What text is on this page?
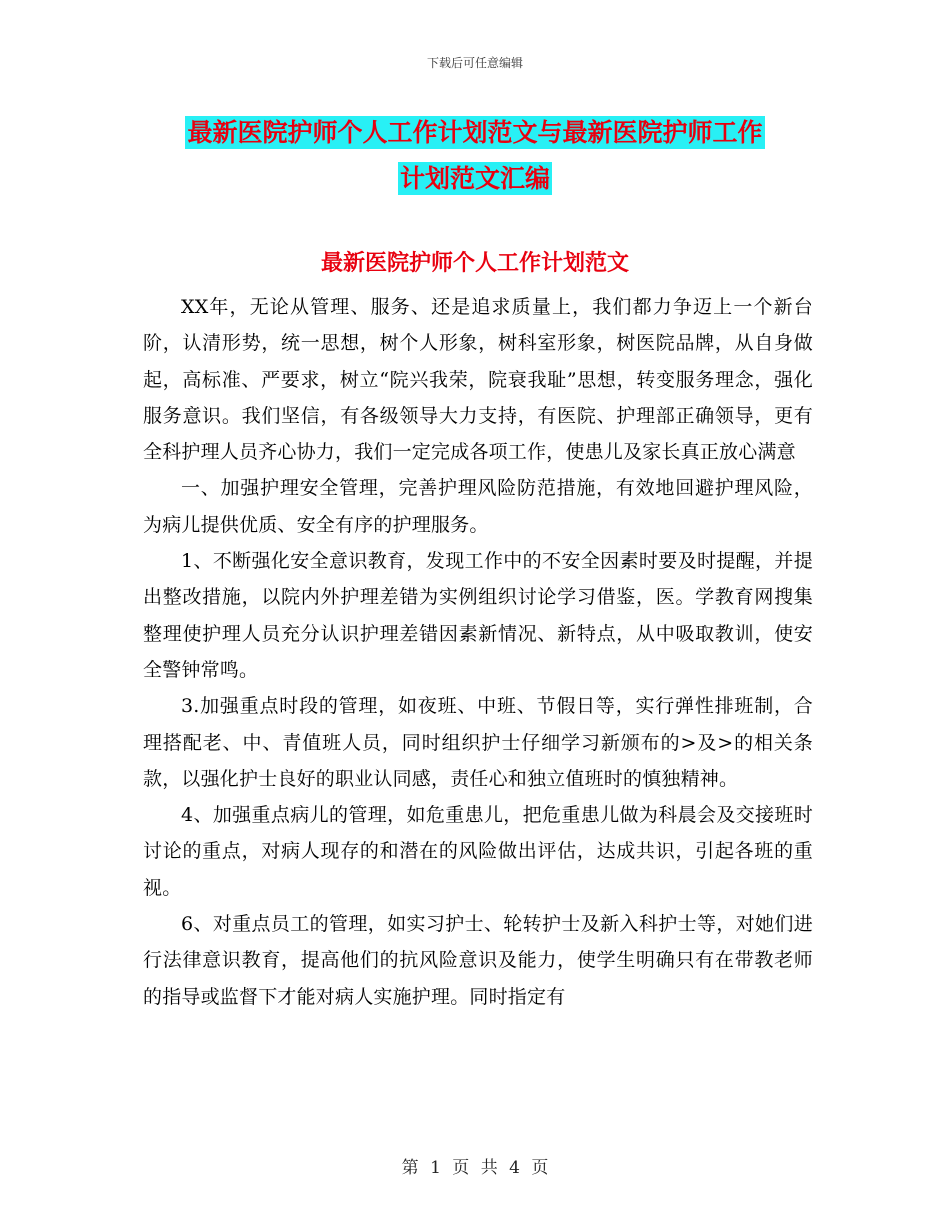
下载后可任意编辑
最新医院护师个人工作计划范文与最新医院护师工作
计划范文汇编
最新医院护师个人工作计划范文

XX年，无论从管理、服务、还是追求质量上，我们都力争迈上一个新台阶，认清形势，统一思想，树个人形象，树科室形象，树医院品牌，从自身做起，高标准、严要求，树立“院兴我荣，院衰我耻”思想，转变服务理念，强化服务意识。我们坚信，有各级领导大力支持，有医院、护理部正确领导，更有全科护理人员齐心协力，我们一定完成各项工作，使患儿及家长真正放心满意

一、加强护理安全管理，完善护理风险防范措施，有效地回避护理风险，为病儿提供优质、安全有序的护理服务。

1、不断强化安全意识教育，发现工作中的不安全因素时要及时提醒，并提出整改措施，以院内外护理差错为实例组织讨论学习借鉴，医。学教育网搜集整理使护理人员充分认识护理差错因素新情况、新特点，从中吸取教训，使安全警钟常鸣。

3.加强重点时段的管理，如夜班、中班、节假日等，实行弹性排班制，合理搭配老、中、青值班人员，同时组织护士仔细学习新颁布的>及>的相关条款，以强化护士良好的职业认同感，责任心和独立值班时的慎独精神。

4、加强重点病儿的管理，如危重患儿，把危重患儿做为科晨会及交接班时讨论的重点，对病人现存的和潜在的风险做出评估，达成共识，引起各班的重视。

6、对重点员工的管理，如实习护士、轮转护士及新入科护士等，对她们进行法律意识教育，提高他们的抗风险意识及能力，使学生明确只有在带教老师的指导或监督下才能对病人实施护理。同时指定有

第 1 页 共 4 页
